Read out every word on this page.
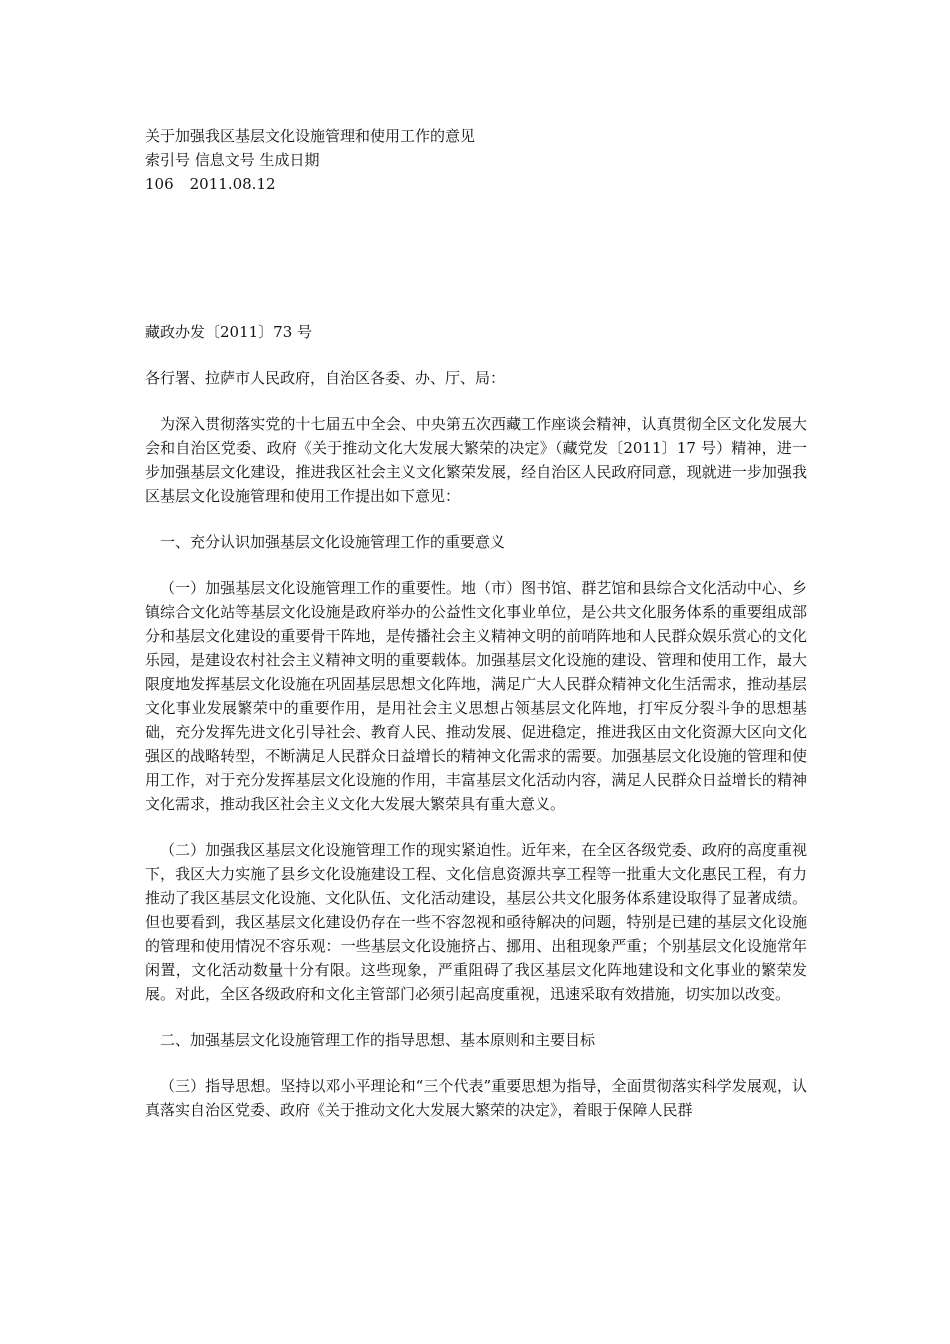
关于加强我区基层文化设施管理和使用工作的意见

索引号 信息文号 生成日期

106 2011.08.12

藏政办发〔2011〕73 号

各行署、拉萨市人民政府，自治区各委、办、厅、局：

为深入贯彻落实党的十七届五中全会、中央第五次西藏工作座谈会精神，认真贯彻全区文化发展大会和自治区党委、政府《关于推动文化大发展大繁荣的决定》（藏党发〔2011〕17 号）精神，进一步加强基层文化建设，推进我区社会主义文化繁荣发展，经自治区人民政府同意，现就进一步加强我区基层文化设施管理和使用工作提出如下意见：

一、充分认识加强基层文化设施管理工作的重要意义

（一）加强基层文化设施管理工作的重要性。地（市）图书馆、群艺馆和县综合文化活动中心、乡镇综合文化站等基层文化设施是政府举办的公益性文化事业单位，是公共文化服务体系的重要组成部分和基层文化建设的重要骨干阵地，是传播社会主义精神文明的前哨阵地和人民群众娱乐赏心的文化乐园，是建设农村社会主义精神文明的重要载体。加强基层文化设施的建设、管理和使用工作，最大限度地发挥基层文化设施在巩固基层思想文化阵地，满足广大人民群众精神文化生活需求，推动基层文化事业发展繁荣中的重要作用，是用社会主义思想占领基层文化阵地，打牢反分裂斗争的思想基础，充分发挥先进文化引导社会、教育人民、推动发展、促进稳定，推进我区由文化资源大区向文化强区的战略转型，不断满足人民群众日益增长的精神文化需求的需要。加强基层文化设施的管理和使用工作，对于充分发挥基层文化设施的作用，丰富基层文化活动内容，满足人民群众日益增长的精神文化需求，推动我区社会主义文化大发展大繁荣具有重大意义。

（二）加强我区基层文化设施管理工作的现实紧迫性。近年来，在全区各级党委、政府的高度重视下，我区大力实施了县乡文化设施建设工程、文化信息资源共享工程等一批重大文化惠民工程，有力推动了我区基层文化设施、文化队伍、文化活动建设，基层公共文化服务体系建设取得了显著成绩。但也要看到，我区基层文化建设仍存在一些不容忽视和亟待解决的问题，特别是已建的基层文化设施的管理和使用情况不容乐观：一些基层文化设施挤占、挪用、出租现象严重；个别基层文化设施常年闲置，文化活动数量十分有限。这些现象，严重阻碍了我区基层文化阵地建设和文化事业的繁荣发展。对此，全区各级政府和文化主管部门必须引起高度重视，迅速采取有效措施，切实加以改变。

二、加强基层文化设施管理工作的指导思想、基本原则和主要目标

（三）指导思想。坚持以邓小平理论和“三个代表”重要思想为指导，全面贯彻落实科学发展观，认真落实自治区党委、政府《关于推动文化大发展大繁荣的决定》，着眼于保障人民群
